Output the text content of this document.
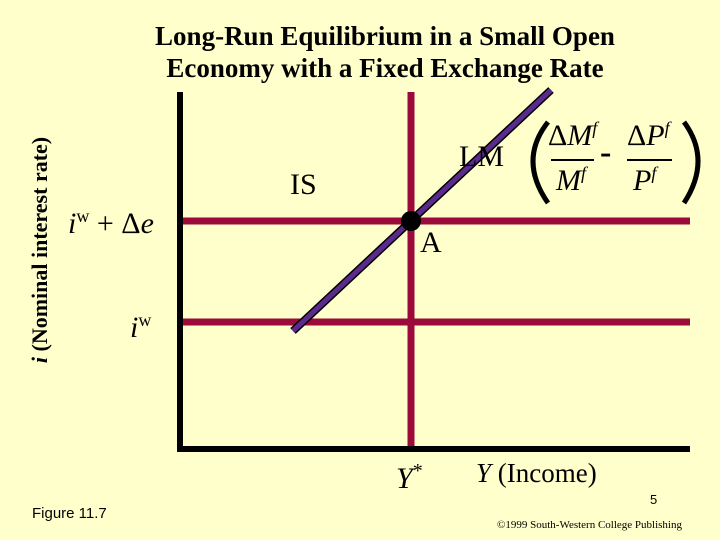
Long-Run Equilibrium in a Small Open
Economy with a Fixed Exchange Rate
i (Nominal interest rate)	IS
LM
$\Delta M^f$
$M^f$
- $\Delta P^f$
$P^f$
$i^w + \Delta e$
$i^w$
A
Y* Y (Income)
Figure 11.7
5
©1999 South-Western College Publishing
